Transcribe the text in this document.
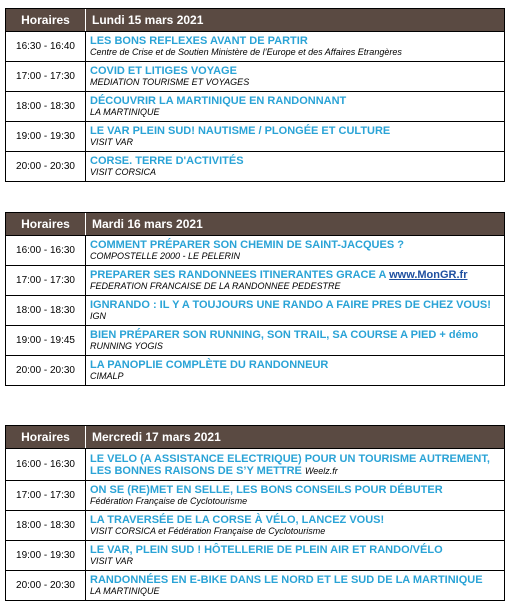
Horaires	Lundi 15 mars 2021
16:30 - 16:40	LES BONS REFLEXES AVANT DE PARTIR
Centre de Crise et de Soutien Ministère de l’Europe et des Affaires Etrangères
17:00 - 17:30	COVID ET LITIGES VOYAGE
MEDIATION TOURISME ET VOYAGES
18:00 - 18:30	DÉCOUVRIR LA MARTINIQUE EN RANDONNANT
LA MARTINIQUE
19:00 - 19:30	LE VAR PLEIN SUD! NAUTISME / PLONGÉE ET CULTURE
VISIT VAR
20:00 - 20:30	CORSE. TERRE D'ACTIVITÉS
VISIT CORSICA
Horaires	Mardi 16 mars 2021
16:00 - 16:30	COMMENT PRÉPARER SON CHEMIN DE SAINT-JACQUES ?
COMPOSTELLE 2000 - LE PELERIN
17:00 - 17:30	PREPARER SES RANDONNEES ITINERANTES GRACE A www.MonGR.fr
FEDERATION FRANCAISE DE LA RANDONNEE PEDESTRE
18:00 - 18:30	IGNRANDO : IL Y A TOUJOURS UNE RANDO A FAIRE PRES DE CHEZ VOUS!
IGN
19:00 - 19:45	BIEN PRÉPARER SON RUNNING, SON TRAIL, SA COURSE A PIED + démo
RUNNING YOGIS
20:00 - 20:30	LA PANOPLIE COMPLÈTE DU RANDONNEUR
CIMALP
Horaires	Mercredi 17 mars 2021
16:00 - 16:30	LE VELO (A ASSISTANCE ELECTRIQUE) POUR UN TOURISME AUTREMENT, LES BONNES RAISONS DE S’Y METTRE Weelz.fr
17:00 - 17:30	ON SE (RE)MET EN SELLE, LES BONS CONSEILS POUR DÉBUTER
Fédération Française de Cyclotourisme
18:00 - 18:30	LA TRAVERSÉE DE LA CORSE À VÉLO, LANCEZ VOUS!
VISIT CORSICA et Fédération Française de Cyclotourisme
19:00 - 19:30	LE VAR, PLEIN SUD ! HÔTELLERIE DE PLEIN AIR ET RANDO/VÉLO
VISIT VAR
20:00 - 20:30	RANDONNÉES EN E-BIKE DANS LE NORD ET LE SUD DE LA MARTINIQUE
LA MARTINIQUE
